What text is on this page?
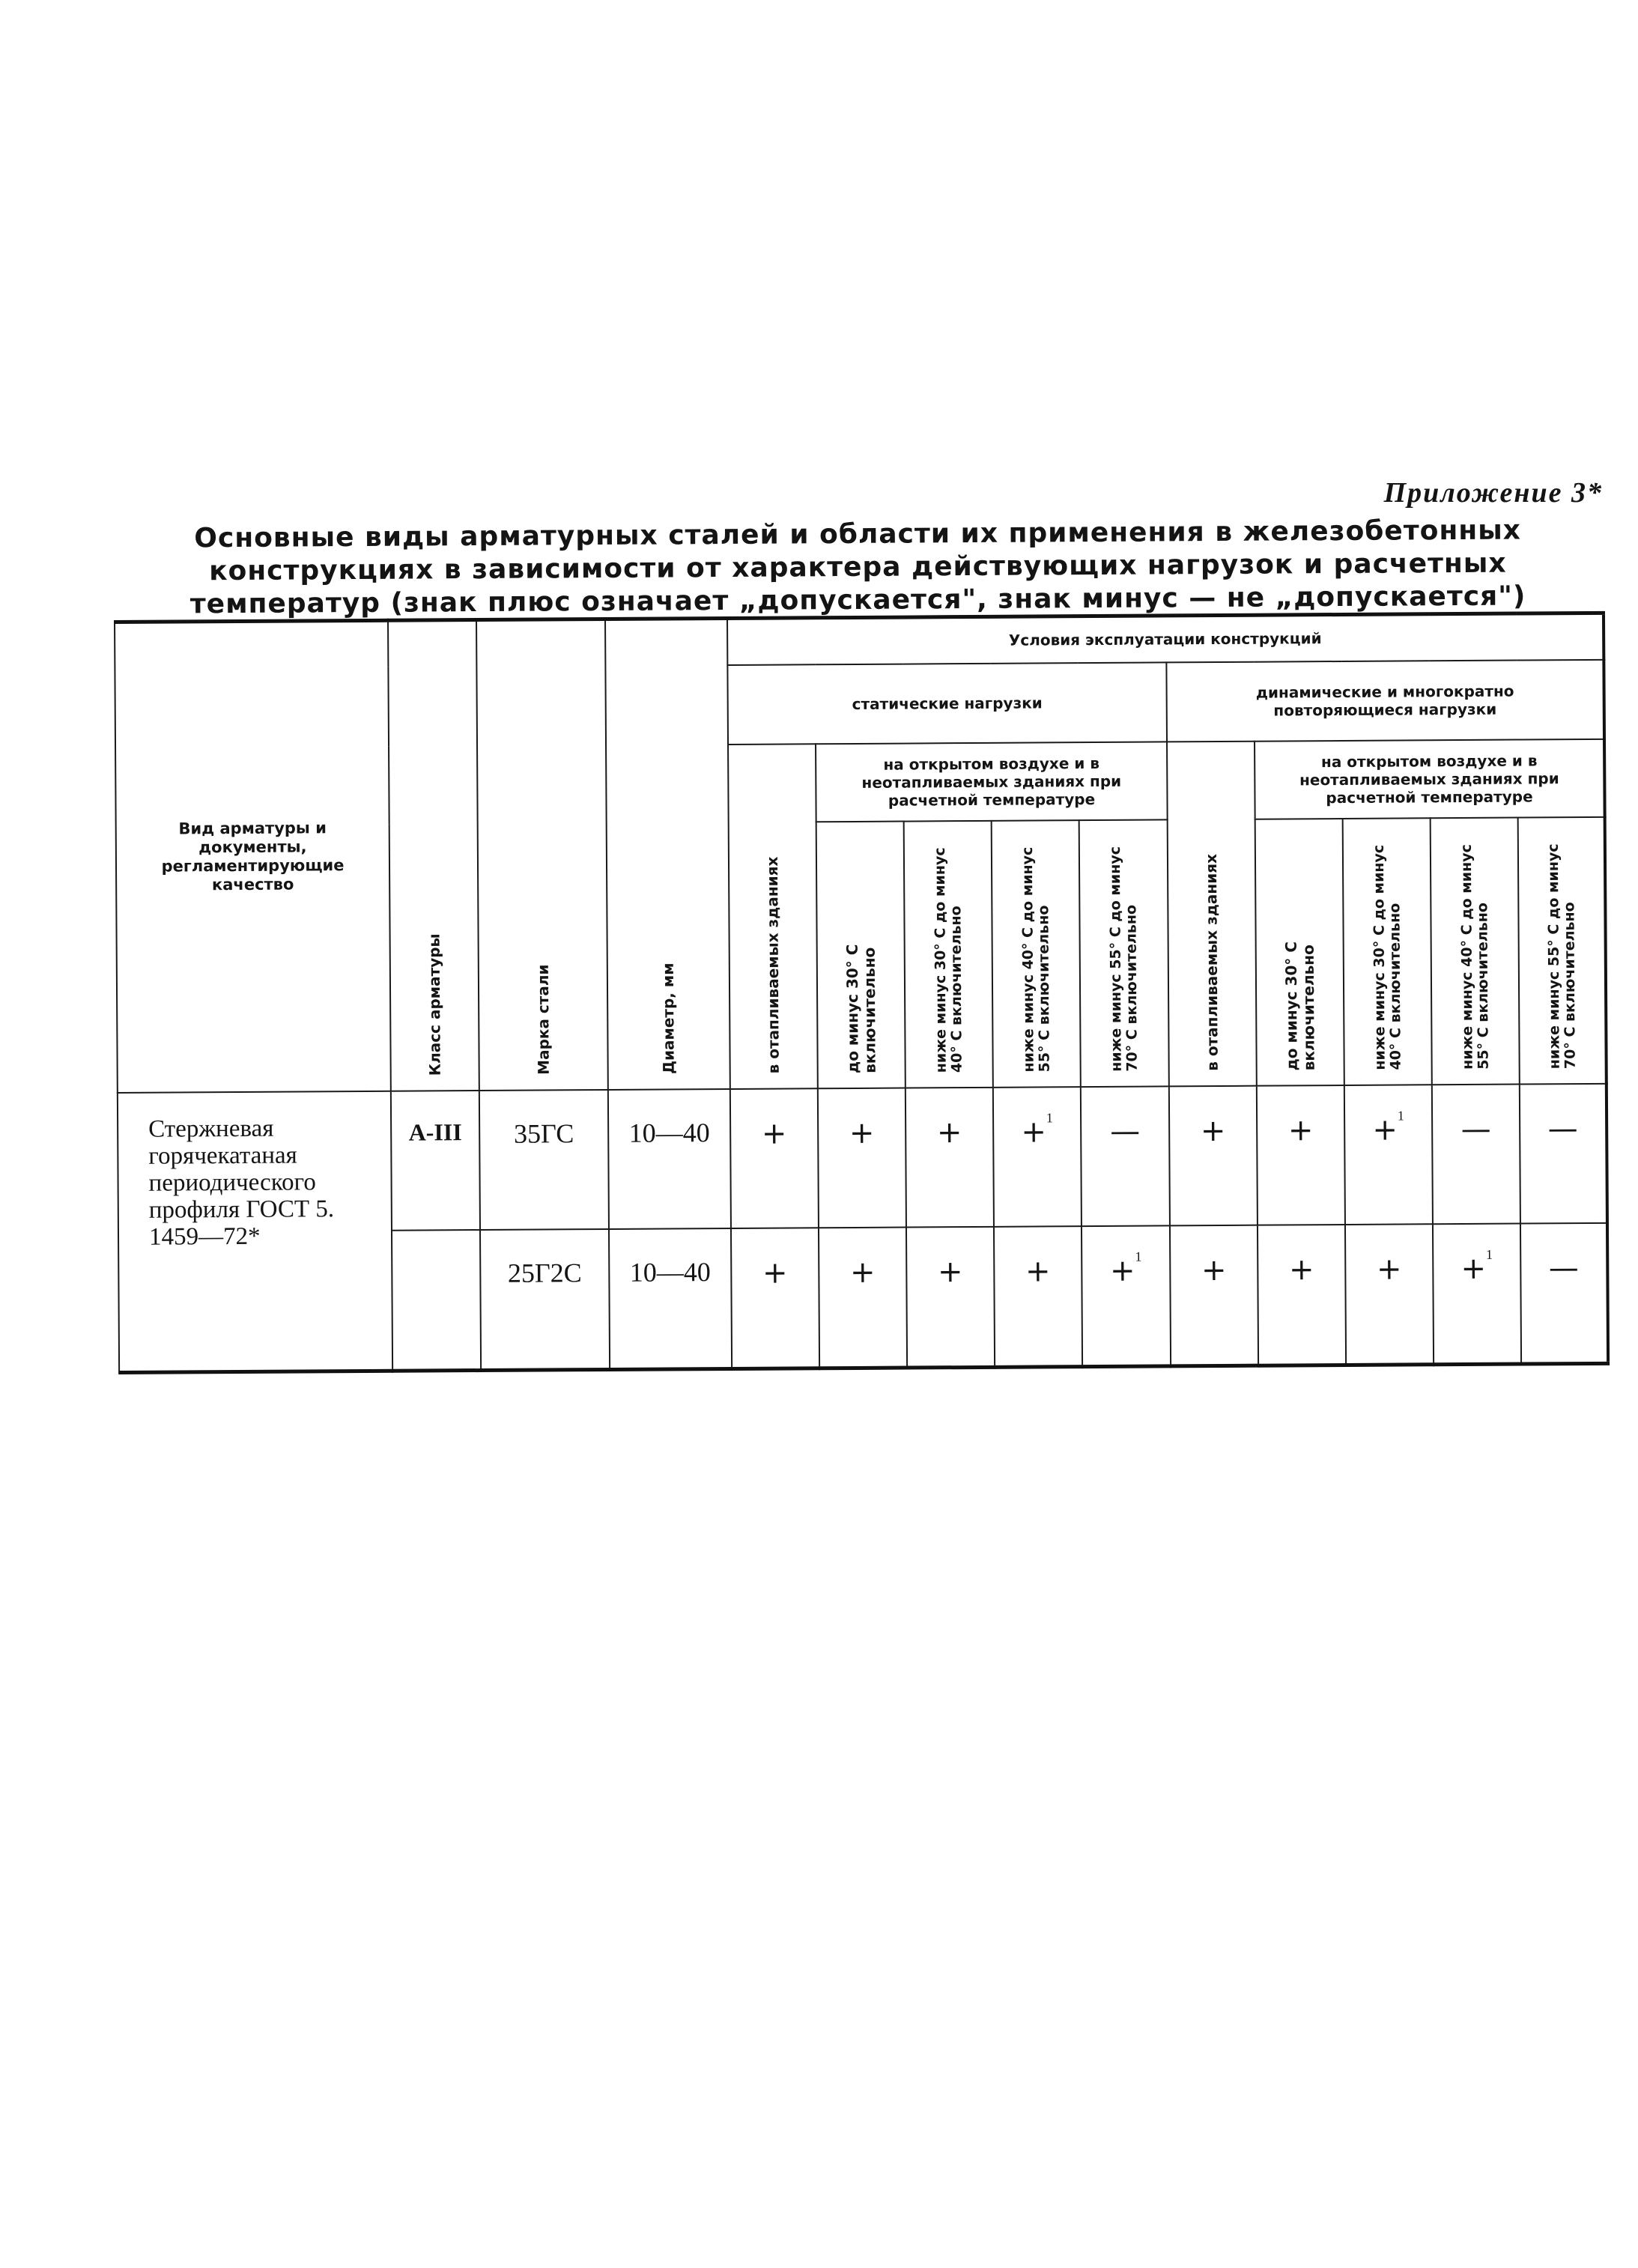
Приложение 3*
Основные виды арматурных сталей и области их применения в железобетонных конструкциях в зависимости от характера действующих нагрузок и расчетных температур (знак плюс означает „допускается", знак минус — не „допускается")
Вид арматуры и документы, регламентирующие качество	Класс арматуры	Марка стали	Диаметр, мм	Условия эксплуатации конструкций									
				статические нагрузки					динамические и многократно повторяющиеся нагрузки				
				в отапливаемых зданиях	на открытом воздухе и в неотапливаемых зданиях при расчетной температуре				в отапливаемых зданиях	на открытом воздухе и в неотапливаемых зданиях при расчетной температуре			
					до минус 30° С включительно	ниже минус 30° С до минус 40° С включительно	ниже минус 40° С до минус 55° С включительно	ниже минус 55° С до минус 70° С включительно		до минус 30° С включительно	ниже минус 30° С до минус 40° С включительно	ниже минус 40° С до минус 55° С включительно	ниже минус 55° С до минус 70° С включительно
Стержневая горячекатаная периодического профиля ГОСТ 5. 1459—72*	A-III	35ГС	10—40	+	+	+	+$^1$	—	+	+	+$^1$	—	—
		25Г2С	10—40	+	+	+	+	+$^1$	+	+	+	+$^1$	—
